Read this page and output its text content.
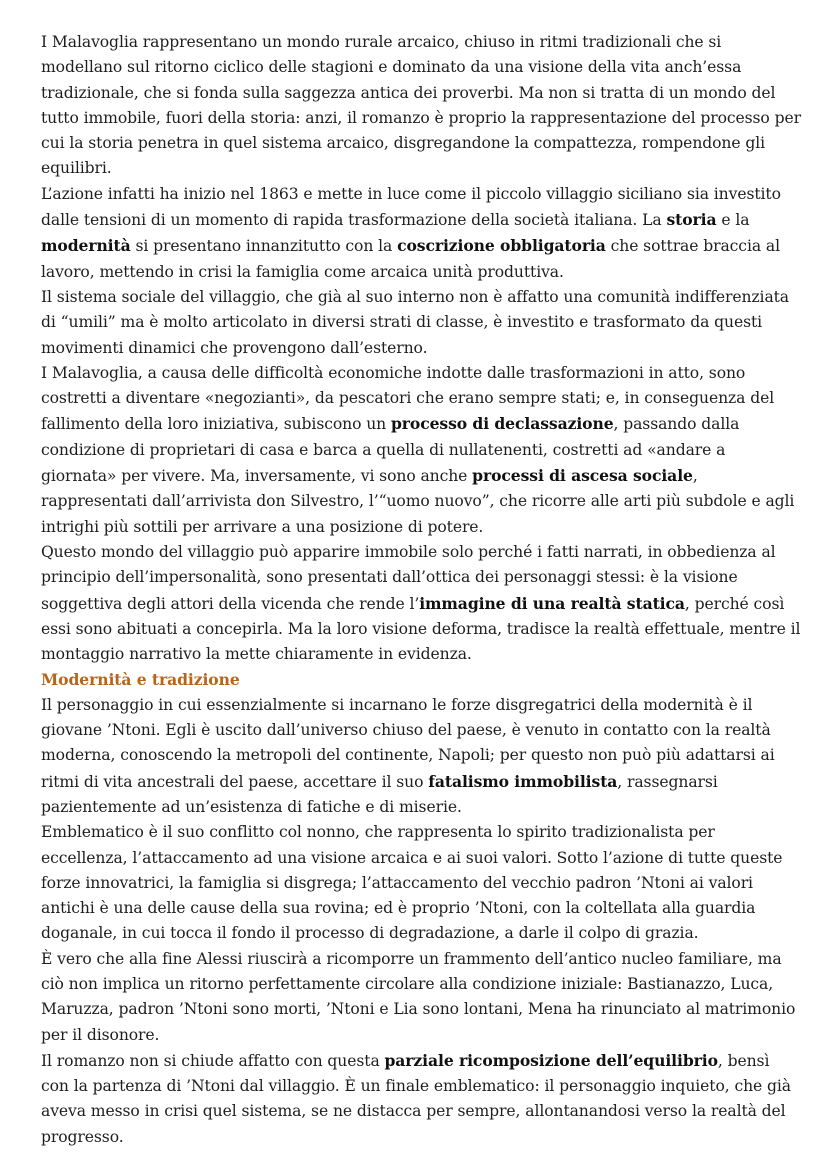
I Malavoglia rappresentano un mondo rurale arcaico, chiuso in ritmi tradizionali che si modellano sul ritorno ciclico delle stagioni e dominato da una visione della vita anch’essa tradizionale, che si fonda sulla saggezza antica dei proverbi. Ma non si tratta di un mondo del tutto immobile, fuori della storia: anzi, il romanzo è proprio la rappresentazione del processo per cui la storia penetra in quel sistema arcaico, disgregandone la compattezza, rompendone gli equilibri.

L’azione infatti ha inizio nel 1863 e mette in luce come il piccolo villaggio siciliano sia investito dalle tensioni di un momento di rapida trasformazione della società italiana. La storia e la modernità si presentano innanzitutto con la coscrizione obbligatoria che sottrae braccia al lavoro, mettendo in crisi la famiglia come arcaica unità produttiva.

Il sistema sociale del villaggio, che già al suo interno non è affatto una comunità indifferenziata di “umili” ma è molto articolato in diversi strati di classe, è investito e trasformato da questi movimenti dinamici che provengono dall’esterno.

I Malavoglia, a causa delle difficoltà economiche indotte dalle trasformazioni in atto, sono costretti a diventare «negozianti», da pescatori che erano sempre stati; e, in conseguenza del fallimento della loro iniziativa, subiscono un processo di declassazione, passando dalla condizione di proprietari di casa e barca a quella di nullatenenti, costretti ad «andare a giornata» per vivere. Ma, inversamente, vi sono anche processi di ascesa sociale, rappresentati dall’arrivista don Silvestro, l’“uomo nuovo”, che ricorre alle arti più subdole e agli intrighi più sottili per arrivare a una posizione di potere.

Questo mondo del villaggio può apparire immobile solo perché i fatti narrati, in obbedienza al principio dell’impersonalità, sono presentati dall’ottica dei personaggi stessi: è la visione soggettiva degli attori della vicenda che rende l’immagine di una realtà statica, perché così essi sono abituati a concepirla. Ma la loro visione deforma, tradisce la realtà effettuale, mentre il montaggio narrativo la mette chiaramente in evidenza.

Modernità e tradizione

Il personaggio in cui essenzialmente si incarnano le forze disgregatrici della modernità è il giovane ’Ntoni. Egli è uscito dall’universo chiuso del paese, è venuto in contatto con la realtà moderna, conoscendo la metropoli del continente, Napoli; per questo non può più adattarsi ai ritmi di vita ancestrali del paese, accettare il suo fatalismo immobilista, rassegnarsi pazientemente ad un’esistenza di fatiche e di miserie.

Emblematico è il suo conflitto col nonno, che rappresenta lo spirito tradizionalista per eccellenza, l’attaccamento ad una visione arcaica e ai suoi valori. Sotto l’azione di tutte queste forze innovatrici, la famiglia si disgrega; l’attaccamento del vecchio padron ’Ntoni ai valori antichi è una delle cause della sua rovina; ed è proprio ’Ntoni, con la coltellata alla guardia doganale, in cui tocca il fondo il processo di degradazione, a darle il colpo di grazia.

È vero che alla fine Alessi riuscirà a ricomporre un frammento dell’antico nucleo familiare, ma ciò non implica un ritorno perfettamente circolare alla condizione iniziale: Bastianazzo, Luca, Maruzza, padron ’Ntoni sono morti, ’Ntoni e Lia sono lontani, Mena ha rinunciato al matrimonio per il disonore.

Il romanzo non si chiude affatto con questa parziale ricomposizione dell’equilibrio, bensì con la partenza di ’Ntoni dal villaggio. È un finale emblematico: il personaggio inquieto, che già aveva messo in crisi quel sistema, se ne distacca per sempre, allontanandosi verso la realtà del progresso.
